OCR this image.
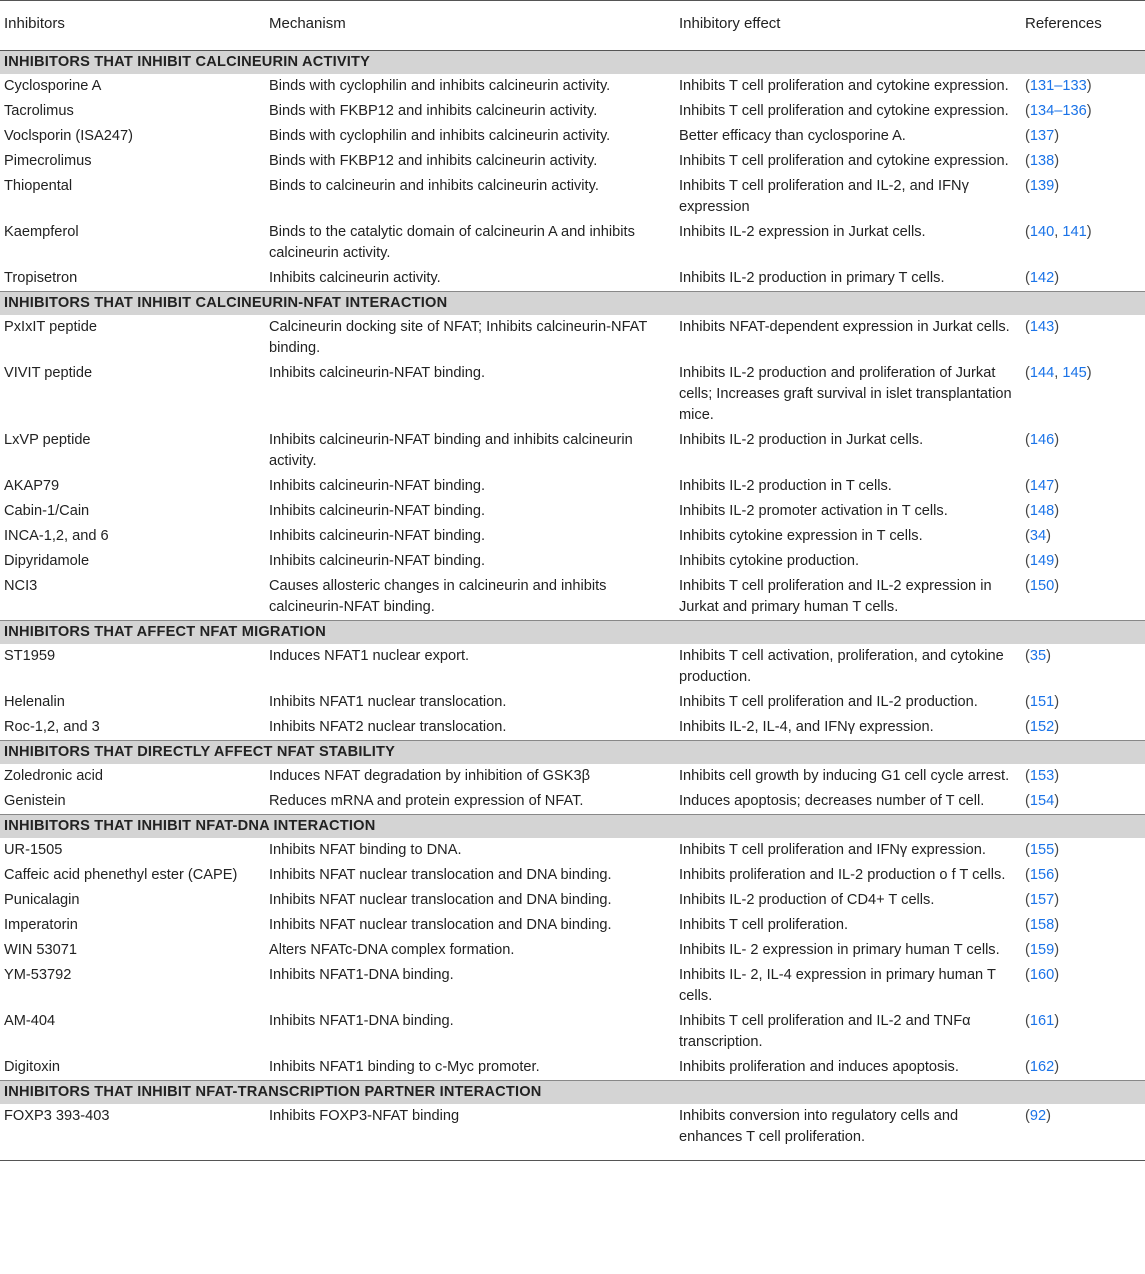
Inhibitors	Mechanism	Inhibitory effect	References
INHIBITORS THAT INHIBIT CALCINEURIN ACTIVITY			
Cyclosporine A	Binds with cyclophilin and inhibits calcineurin activity.	Inhibits T cell proliferation and cytokine expression.	(131–133)
Tacrolimus	Binds with FKBP12 and inhibits calcineurin activity.	Inhibits T cell proliferation and cytokine expression.	(134–136)
Voclsporin (ISA247)	Binds with cyclophilin and inhibits calcineurin activity.	Better efficacy than cyclosporine A.	(137)
Pimecrolimus	Binds with FKBP12 and inhibits calcineurin activity.	Inhibits T cell proliferation and cytokine expression.	(138)
Thiopental	Binds to calcineurin and inhibits calcineurin activity.	Inhibits T cell proliferation and IL-2, and IFNγ expression	(139)
Kaempferol	Binds to the catalytic domain of calcineurin A and inhibits calcineurin activity.	Inhibits IL-2 expression in Jurkat cells.	(140, 141)
Tropisetron	Inhibits calcineurin activity.	Inhibits IL-2 production in primary T cells.	(142)
INHIBITORS THAT INHIBIT CALCINEURIN-NFAT INTERACTION			
PxIxIT peptide	Calcineurin docking site of NFAT; Inhibits calcineurin-NFAT binding.	Inhibits NFAT-dependent expression in Jurkat cells.	(143)
VIVIT peptide	Inhibits calcineurin-NFAT binding.	Inhibits IL-2 production and proliferation of Jurkat cells; Increases graft survival in islet transplantation mice.	(144, 145)
LxVP peptide	Inhibits calcineurin-NFAT binding and inhibits calcineurin activity.	Inhibits IL-2 production in Jurkat cells.	(146)
AKAP79	Inhibits calcineurin-NFAT binding.	Inhibits IL-2 production in T cells.	(147)
Cabin-1/Cain	Inhibits calcineurin-NFAT binding.	Inhibits IL-2 promoter activation in T cells.	(148)
INCA-1,2, and 6	Inhibits calcineurin-NFAT binding.	Inhibits cytokine expression in T cells.	(34)
Dipyridamole	Inhibits calcineurin-NFAT binding.	Inhibits cytokine production.	(149)
NCI3	Causes allosteric changes in calcineurin and inhibits calcineurin-NFAT binding.	Inhibits T cell proliferation and IL-2 expression in Jurkat and primary human T cells.	(150)
INHIBITORS THAT AFFECT NFAT MIGRATION			
ST1959	Induces NFAT1 nuclear export.	Inhibits T cell activation, proliferation, and cytokine production.	(35)
Helenalin	Inhibits NFAT1 nuclear translocation.	Inhibits T cell proliferation and IL-2 production.	(151)
Roc-1,2, and 3	Inhibits NFAT2 nuclear translocation.	Inhibits IL-2, IL-4, and IFNγ expression.	(152)
INHIBITORS THAT DIRECTLY AFFECT NFAT STABILITY			
Zoledronic acid	Induces NFAT degradation by inhibition of GSK3β	Inhibits cell growth by inducing G1 cell cycle arrest.	(153)
Genistein	Reduces mRNA and protein expression of NFAT.	Induces apoptosis; decreases number of T cell.	(154)
INHIBITORS THAT INHIBIT NFAT-DNA INTERACTION			
UR-1505	Inhibits NFAT binding to DNA.	Inhibits T cell proliferation and IFNγ expression.	(155)
Caffeic acid phenethyl ester (CAPE)	Inhibits NFAT nuclear translocation and DNA binding.	Inhibits proliferation and IL-2 production o f T cells.	(156)
Punicalagin	Inhibits NFAT nuclear translocation and DNA binding.	Inhibits IL-2 production of CD4+ T cells.	(157)
Imperatorin	Inhibits NFAT nuclear translocation and DNA binding.	Inhibits T cell proliferation.	(158)
WIN 53071	Alters NFATc-DNA complex formation.	Inhibits IL- 2 expression in primary human T cells.	(159)
YM-53792	Inhibits NFAT1-DNA binding.	Inhibits IL- 2, IL-4 expression in primary human T cells.	(160)
AM-404	Inhibits NFAT1-DNA binding.	Inhibits T cell proliferation and IL-2 and TNFα transcription.	(161)
Digitoxin	Inhibits NFAT1 binding to c-Myc promoter.	Inhibits proliferation and induces apoptosis.	(162)
INHIBITORS THAT INHIBIT NFAT-TRANSCRIPTION PARTNER INTERACTION			
FOXP3 393-403	Inhibits FOXP3-NFAT binding	Inhibits conversion into regulatory cells and enhances T cell proliferation.	(92)
